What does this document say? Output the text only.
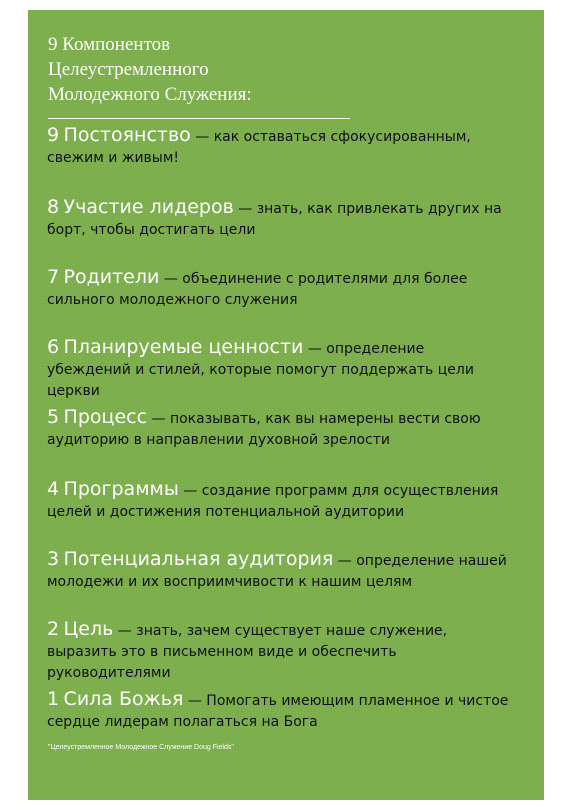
9 Компонентов
Целеустремленного
Молодежного Служения:
9 Постоянство — как оставаться сфокусированным, свежим и живым!
8 Участие лидеров — знать, как привлекать других на борт, чтобы достигать цели
7 Родители — объединение с родителями для более сильного молодежного служения
6 Планируемые ценности — определение убеждений и стилей, которые помогут поддержать цели церкви
5 Процесс — показывать, как вы намерены вести свою аудиторию в направлении духовной зрелости
4 Программы — создание программ для осуществления целей и достижения потенциальной аудитории
3 Потенциальная аудитория — определение нашей молодежи и их восприимчивости к нашим целям
2 Цель — знать, зачем существует наше служение, выразить это в письменном виде и обеспечить руководителями
1 Сила Божья — Помогать имеющим пламенное и чистое сердце лидерам полагаться на Бога
"Целеустремленное Молодежное Служение Doug Fields"
